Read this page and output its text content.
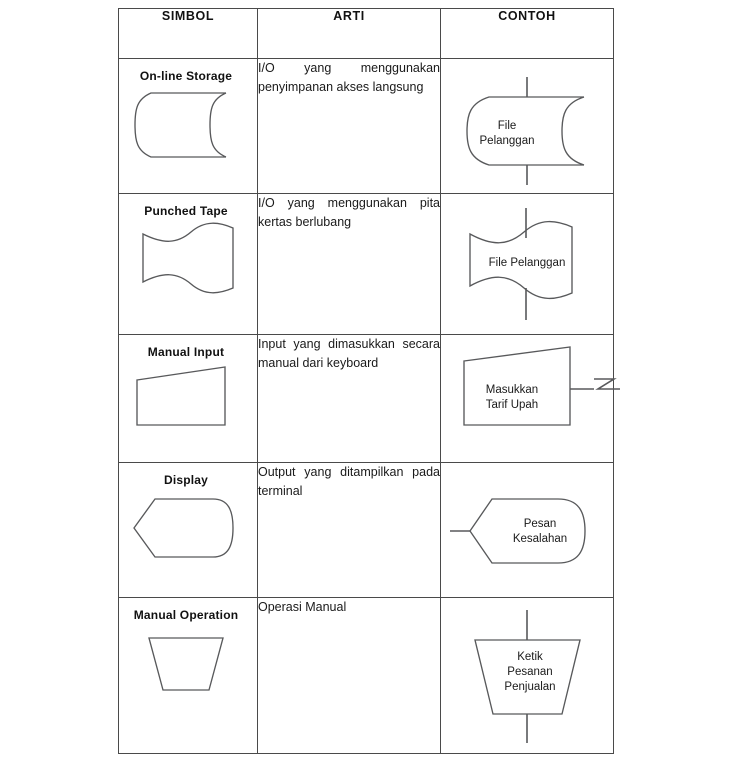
SIMBOL	ARTI	CONTOH

On-line Storage	I/O yang menggunakan penyimpanan akses langsung	File
Pelanggan

Punched Tape	I/O yang menggunakan pita kertas berlubang	File Pelanggan

Manual Input	Input yang dimasukkan secara manual dari keyboard	Masukkan
Tarif Upah

Display	Output yang ditampilkan pada terminal	Pesan
Kesalahan

Manual Operation	Operasi Manual	Ketik
Pesanan
Penjualan
